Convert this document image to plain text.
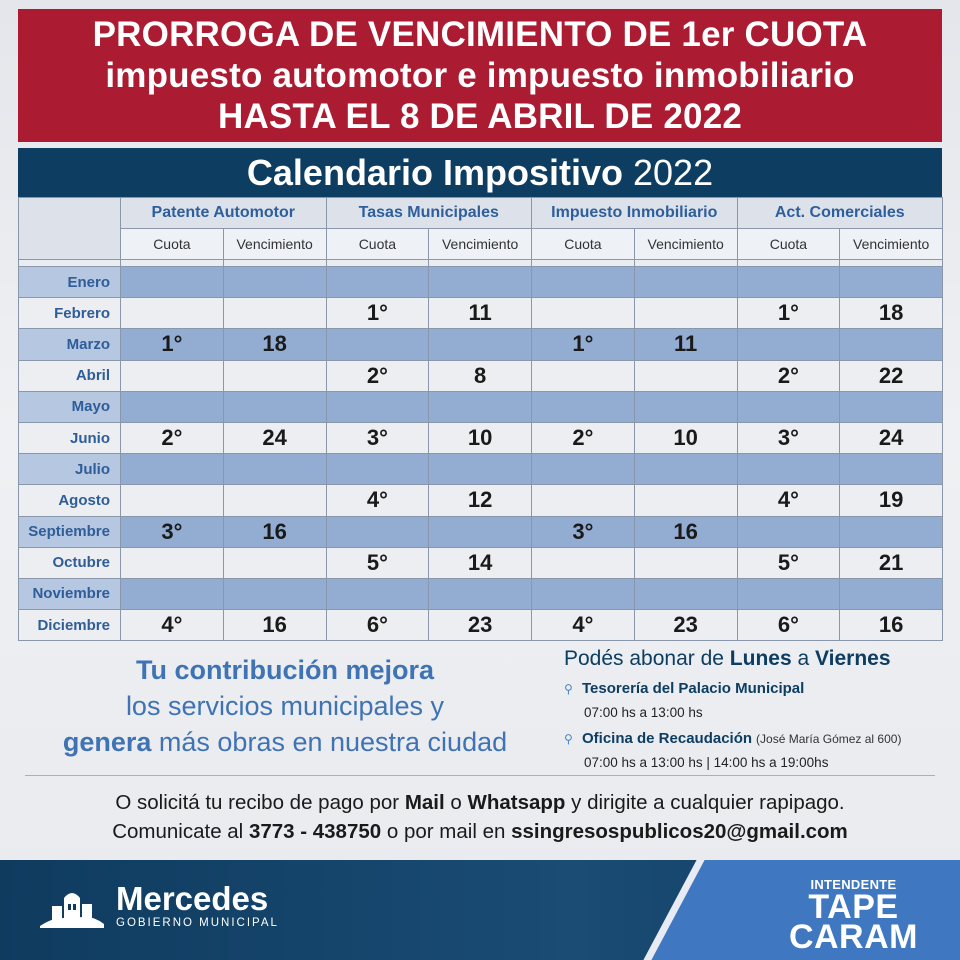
PRORROGA DE VENCIMIENTO DE 1er CUOTA
impuesto automotor e impuesto inmobiliario
HASTA EL 8 DE ABRIL DE 2022
Calendario Impositivo 2022
	Patente Automotor		Tasas Municipales		Impuesto Inmobiliario		Act. Comerciales	
	Cuota	Vencimiento	Cuota	Vencimiento	Cuota	Vencimiento	Cuota	Vencimiento

Enero								
Febrero			1°	11			1°	18
Marzo	1°	18			1°	11		
Abril			2°	8			2°	22
Mayo								
Junio	2°	24	3°	10	2°	10	3°	24
Julio								
Agosto			4°	12			4°	19
Septiembre	3°	16			3°	16		
Octubre			5°	14			5°	21
Noviembre								
Diciembre	4°	16	6°	23	4°	23	6°	16
Tu contribución mejora
los servicios municipales y
genera más obras en nuestra ciudad
Podés abonar de Lunes a Viernes
⚲ Tesorería del Palacio Municipal
07:00 hs a 13:00 hs
⚲ Oficina de Recaudación (José María Gómez al 600)
07:00 hs a 13:00 hs | 14:00 hs a 19:00hs
O solicitá tu recibo de pago por Mail o Whatsapp y dirigite a cualquier rapipago.
Comunicate al 3773 - 438750 o por mail en ssingresospublicos20@gmail.com
Mercedes
GOBIERNO MUNICIPAL
INTENDENTE
TAPE
CARAM
